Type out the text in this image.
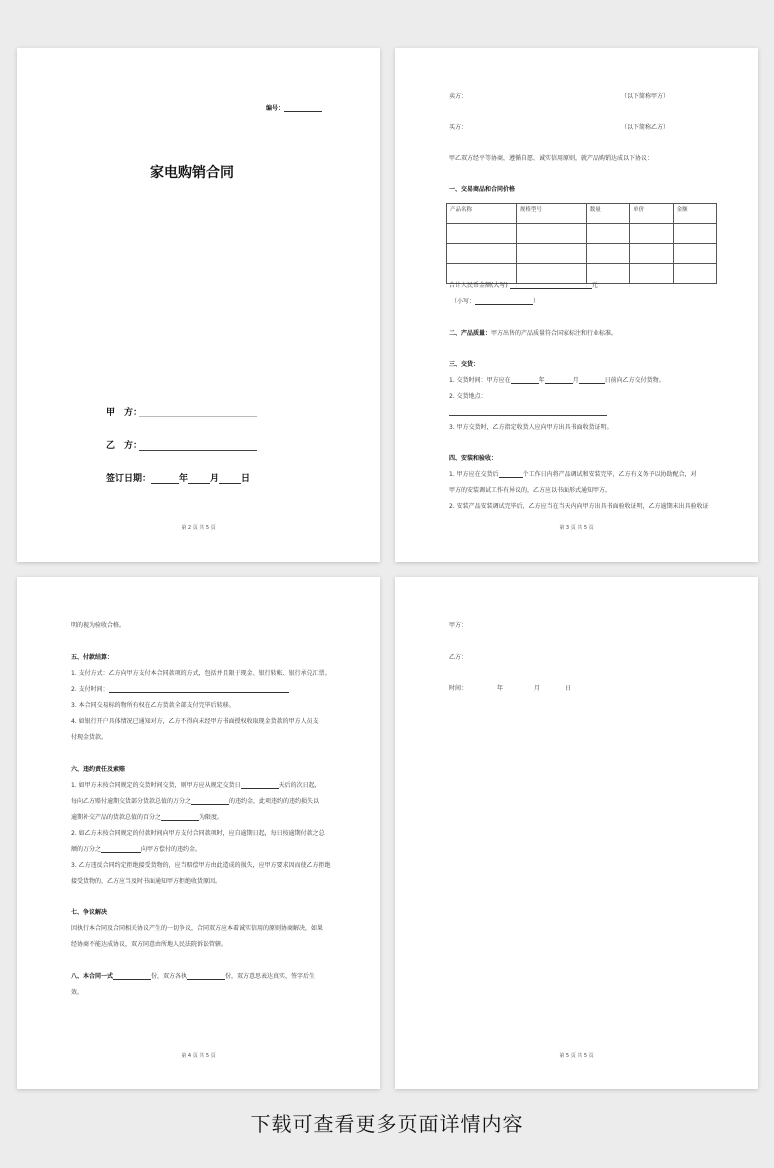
编号：
家电购销合同
甲　方：
乙　方：
签订日期：	年 月 日
第 2 页 共 5 页
卖方：	（以下简称甲方）
买方：	（以下简称乙方）
甲乙双方经平等协商，遵循自愿、诚实信用原则，就产品购销达成以下协议：
一、交易商品和合同价格
产品名称	规格型号	数量	单价	金额

合计人民币金额(大写)	元
（小写：	）
二、产品质量：甲方出售的产品质量符合国家标注和行业标准。
三、交货：
1. 交货时间：甲方应在	年	月	日前向乙方交付货物。
2. 交货地点：
3. 甲方交货时，乙方指定收货人应向甲方出具书面收货证明。
四、安装和验收：
1. 甲方应在交货后	个工作日内将产品调试和安装完毕，乙方有义务予以协助配合，对
甲方的安装调试工作有异议的，乙方应以书面形式通知甲方。
2. 安装产品安装调试完毕后，乙方应当在当天内向甲方出具书面验收证明，乙方逾期未出具验收证
第 3 页 共 5 页
明的视为验收合格。
五、付款结算：
1. 支付方式：乙方向甲方支付本合同款项的方式，包括并且限于现金、银行转帐、银行承兑汇票。
2. 支付时间：
3. 本合同交易标的物所有权在乙方货款全部支付完毕后转移。
4. 如银行开户具体情况已通知对方，乙方不得向未经甲方书面授权收取现金货款的甲方人员支
付现金货款。
六、违约责任及索赔
1. 如甲方未按合同规定的交货时间交货，则甲方应从规定交货日	天后的次日起，
每向乙方赔付逾期交货部分货款总值的万分之	的违约金，此项违约的违约损失以
逾期补交产品的货款总值的百分之	为限度。
2. 如乙方未按合同规定的付款时间向甲方支付合同款项时，应自逾期日起，每日按逾期付款之总
额的万分之	向甲方偿付的违约金。
3. 乙方违反合同约定拒绝接受货物的，应当赔偿甲方由此造成的损失，应甲方要求因而使乙方拒绝
接受货物的，乙方应当及时书面通知甲方拒绝收货原因。
七、争议解决
因执行本合同及合同相关协议产生的一切争议，合同双方应本着诚实信用的原则协商解决，如果
经协商不能达成协议，双方同意由所地人民法院诉讼管辖。
八、本合同一式	份，双方各执	份，双方意思表达真实，签字后生
效。
第 4 页 共 5 页
甲方：
乙方：
时间：	年	月	日
第 5 页 共 5 页
下载可查看更多页面详情内容
